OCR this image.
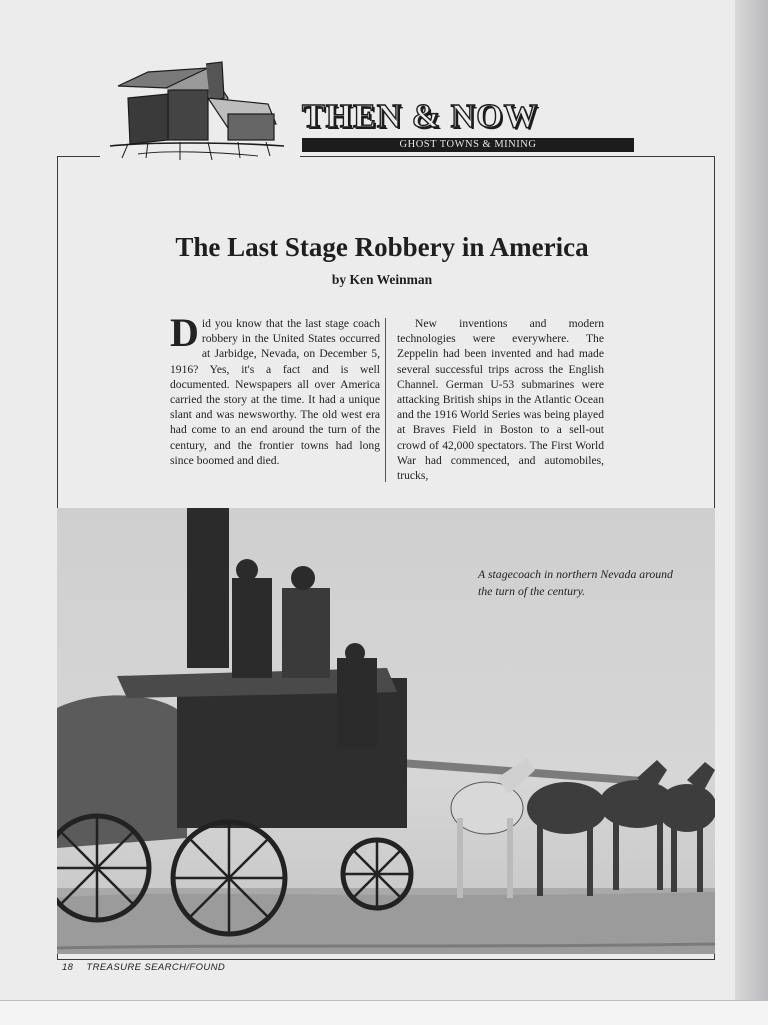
THEN & NOW
GHOST TOWNS & MINING
The Last Stage Robbery in America
by Ken Weinman
Did you know that the last stage coach robbery in the United States occurred at Jarbidge, Nevada, on December 5, 1916? Yes, it's a fact and is well documented. Newspapers all over America carried the story at the time. It had a unique slant and was newsworthy. The old west era had come to an end around the turn of the century, and the frontier towns had long since boomed and died.
New inventions and modern technologies were everywhere. The Zeppelin had been invented and had made several successful trips across the English Channel. German U-53 submarines were attacking British ships in the Atlantic Ocean and the 1916 World Series was being played at Braves Field in Boston to a sell-out crowd of 42,000 spectators. The First World War had commenced, and automobiles, trucks,
A stagecoach in northern Nevada around the turn of the century.
18 TREASURE SEARCH/FOUND
